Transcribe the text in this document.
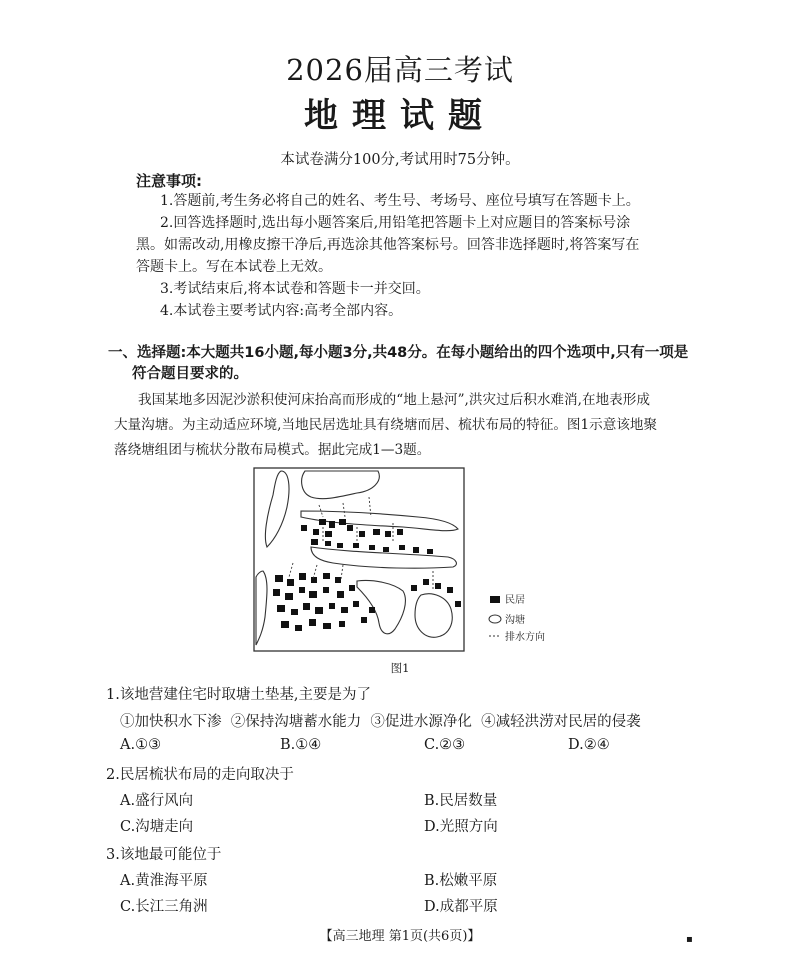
2026届高三考试
地理试题
本试卷满分100分,考试用时75分钟。
注意事项:
1.答题前,考生务必将自己的姓名、考生号、考场号、座位号填写在答题卡上。
2.回答选择题时,选出每小题答案后,用铅笔把答题卡上对应题目的答案标号涂
黑。如需改动,用橡皮擦干净后,再选涂其他答案标号。回答非选择题时,将答案写在
答题卡上。写在本试卷上无效。
3.考试结束后,将本试卷和答题卡一并交回。
4.本试卷主要考试内容:高考全部内容。
一、选择题:本大题共16小题,每小题3分,共48分。在每小题给出的四个选项中,只有一项是
符合题目要求的。
我国某地多因泥沙淤积使河床抬高而形成的“地上悬河”,洪灾过后积水难消,在地表形成
大量沟塘。为主动适应环境,当地民居选址具有绕塘而居、梳状布局的特征。图1示意该地聚
落绕塘组团与梳状分散布局模式。据此完成1—3题。
民居
沟塘
排水方向
图1
1.该地营建住宅时取塘土垫基,主要是为了
①加快积水下渗  ②保持沟塘蓄水能力  ③促进水源净化  ④减轻洪涝对民居的侵袭
A.①③	B.①④	C.②③	D.②④
2.民居梳状布局的走向取决于
A.盛行风向	B.民居数量
C.沟塘走向	D.光照方向
3.该地最可能位于
A.黄淮海平原	B.松嫩平原
C.长江三角洲	D.成都平原
【高三地理 第1页(共6页)】	▪
